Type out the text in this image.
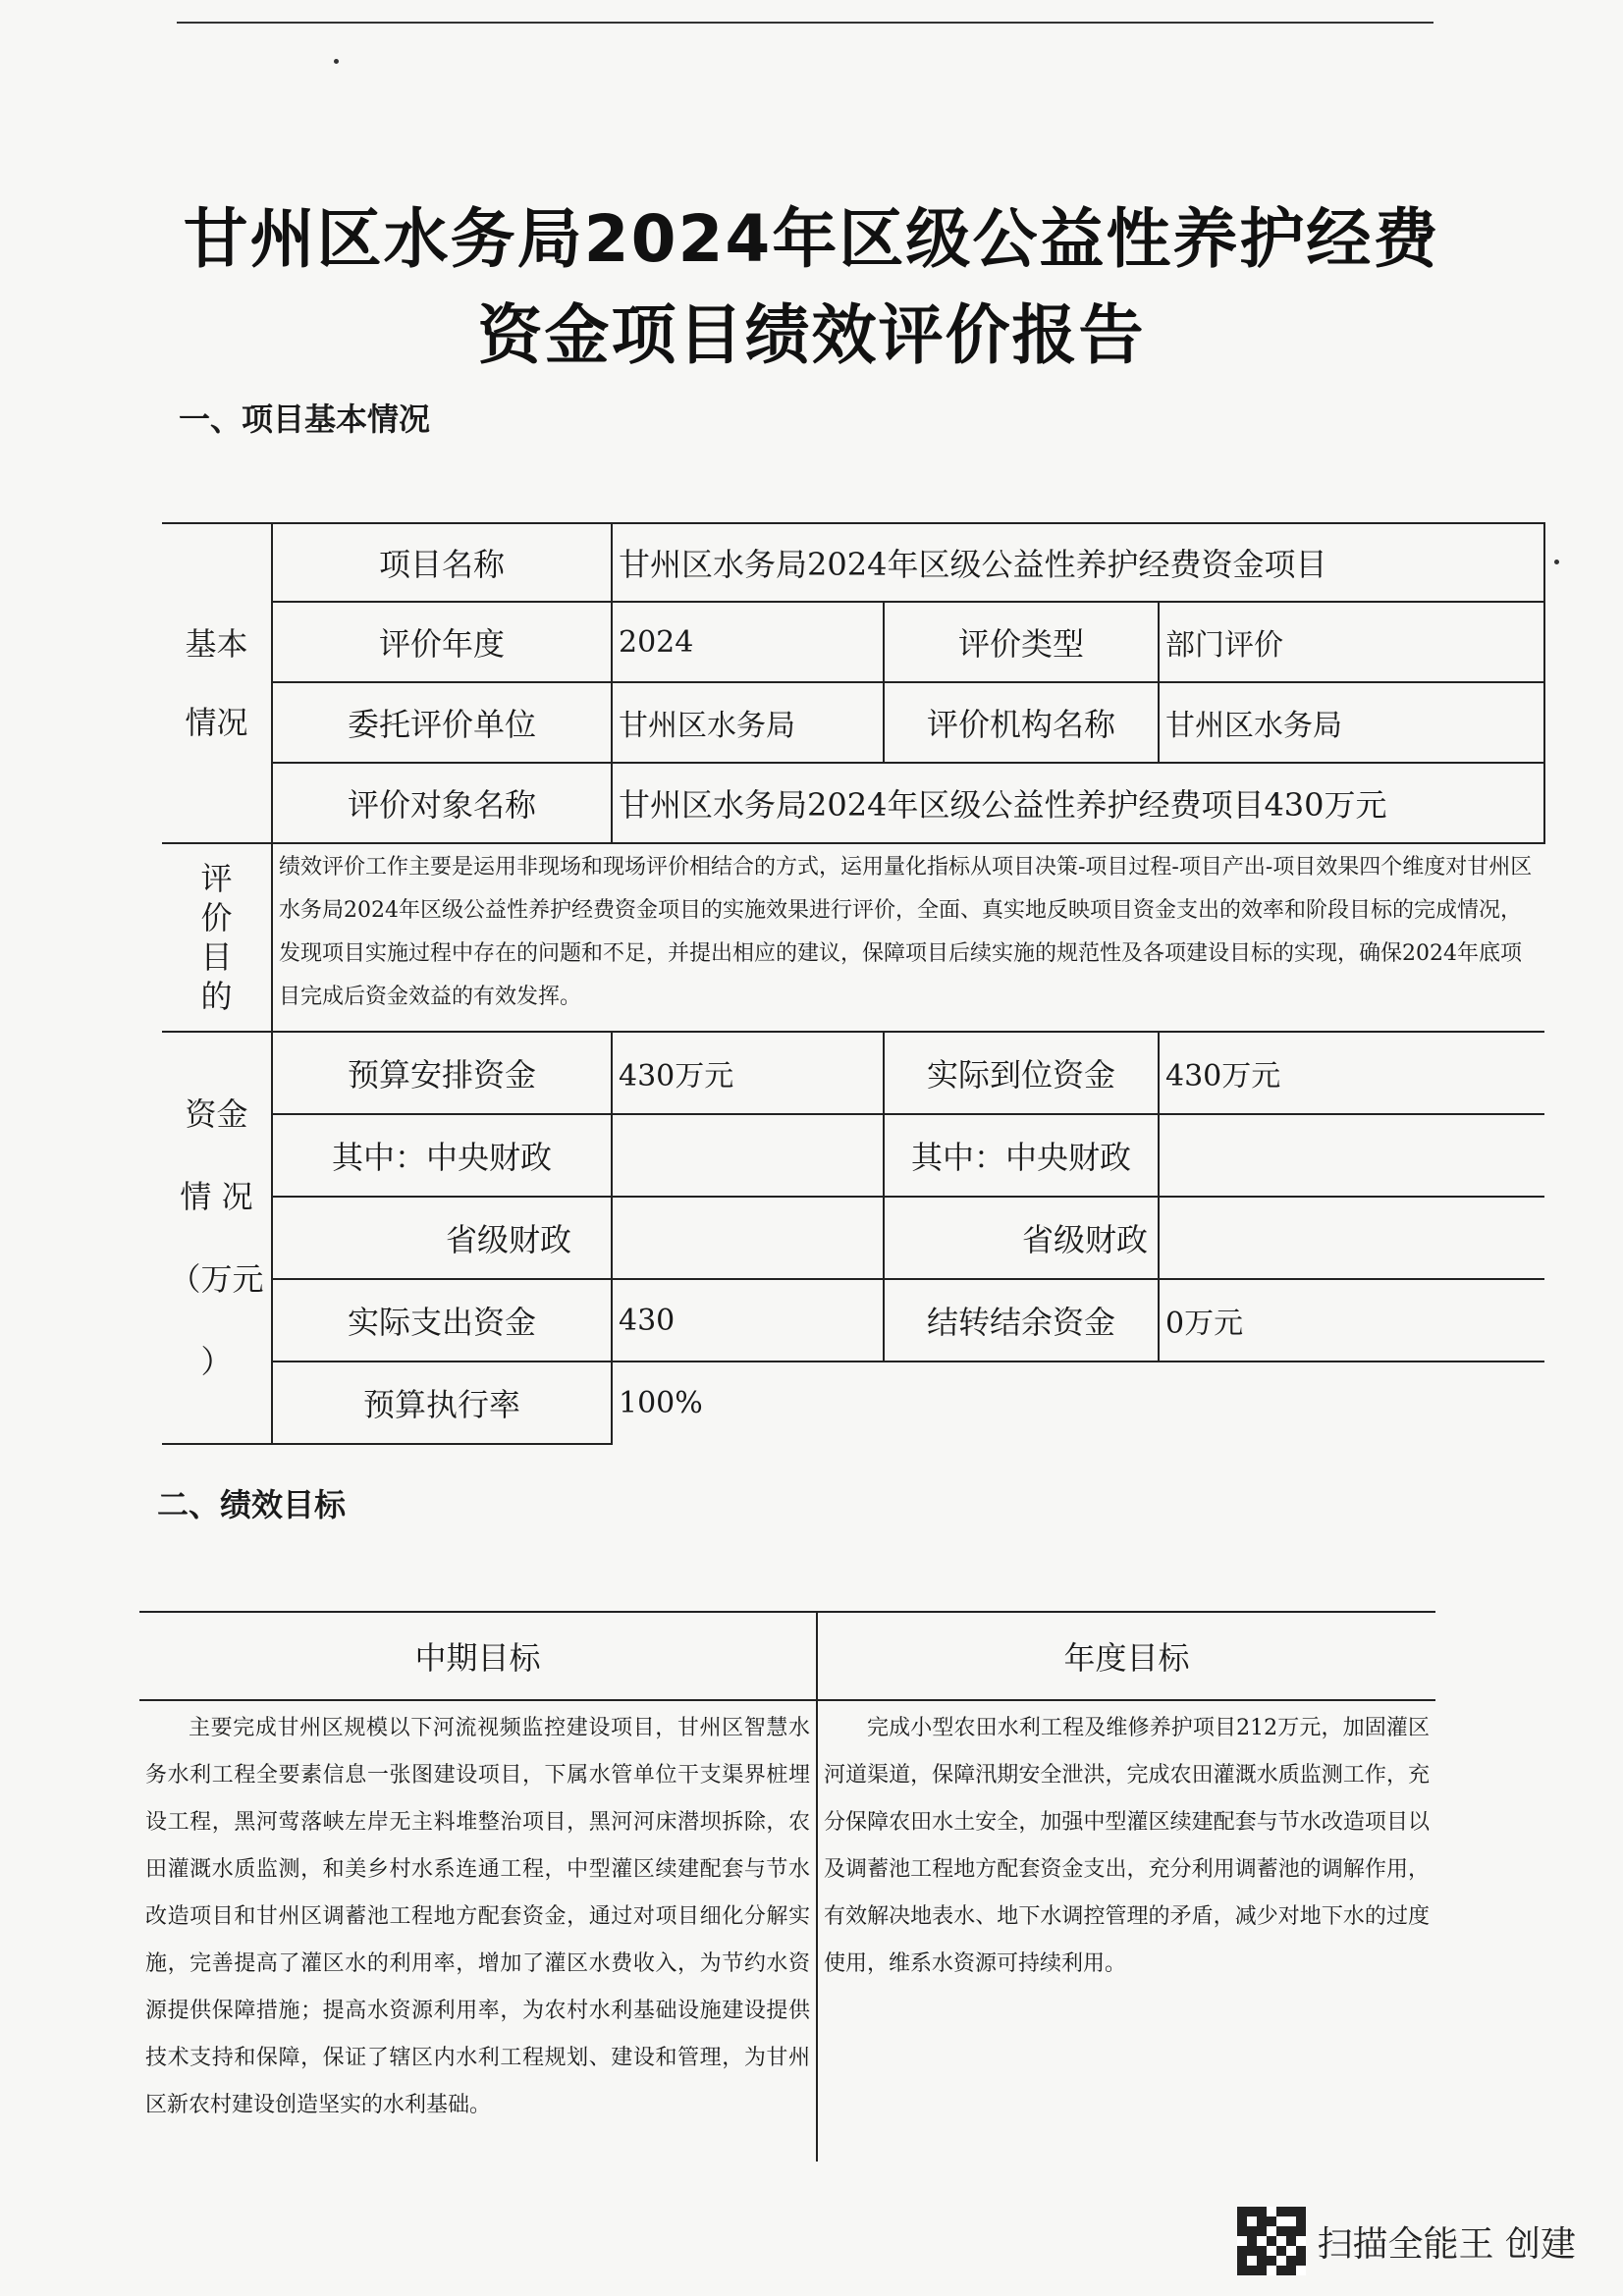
甘州区水务局2024年区级公益性养护经费
资金项目绩效评价报告
一、项目基本情况
基本
情况	项目名称	甘州区水务局2024年区级公益性养护经费资金项目		
	评价年度	2024	评价类型	部门评价
	委托评价单位	甘州区水务局	评价机构名称	甘州区水务局
	评价对象名称	甘州区水务局2024年区级公益性养护经费项目430万元		

评
价
目
的	绩效评价工作主要是运用非现场和现场评价相结合的方式，运用量化指标从项目决策-项目过程-项目产出-项目效果四个维度对甘州区水务局2024年区级公益性养护经费资金项目的实施效果进行评价，全面、真实地反映项目资金支出的效率和阶段目标的完成情况，发现项目实施过程中存在的问题和不足，并提出相应的建议，保障项目后续实施的规范性及各项建设目标的实现，确保2024年底项目完成后资金效益的有效发挥。			

资金
情 况
（万元
）	预算安排资金	430万元	实际到位资金	430万元
	其中：中央财政		其中：中央财政	
	省级财政		省级财政	
	实际支出资金	430	结转结余资金	0万元
	预算执行率	100%		
二、绩效目标
中期目标	年度目标
主要完成甘州区规模以下河流视频监控建设项目，甘州区智慧水务水利工程全要素信息一张图建设项目，下属水管单位干支渠界桩埋设工程，黑河莺落峡左岸无主料堆整治项目，黑河河床潜坝拆除，农田灌溉水质监测，和美乡村水系连通工程，中型灌区续建配套与节水改造项目和甘州区调蓄池工程地方配套资金，通过对项目细化分解实施，完善提高了灌区水的利用率，增加了灌区水费收入，为节约水资源提供保障措施；提高水资源利用率，为农村水利基础设施建设提供技术支持和保障，保证了辖区内水利工程规划、建设和管理，为甘州区新农村建设创造坚实的水利基础。	完成小型农田水利工程及维修养护项目212万元，加固灌区河道渠道，保障汛期安全泄洪，完成农田灌溉水质监测工作，充分保障农田水土安全，加强中型灌区续建配套与节水改造项目以及调蓄池工程地方配套资金支出，充分利用调蓄池的调解作用，有效解决地表水、地下水调控管理的矛盾，减少对地下水的过度使用，维系水资源可持续利用。
扫描全能王 创建
